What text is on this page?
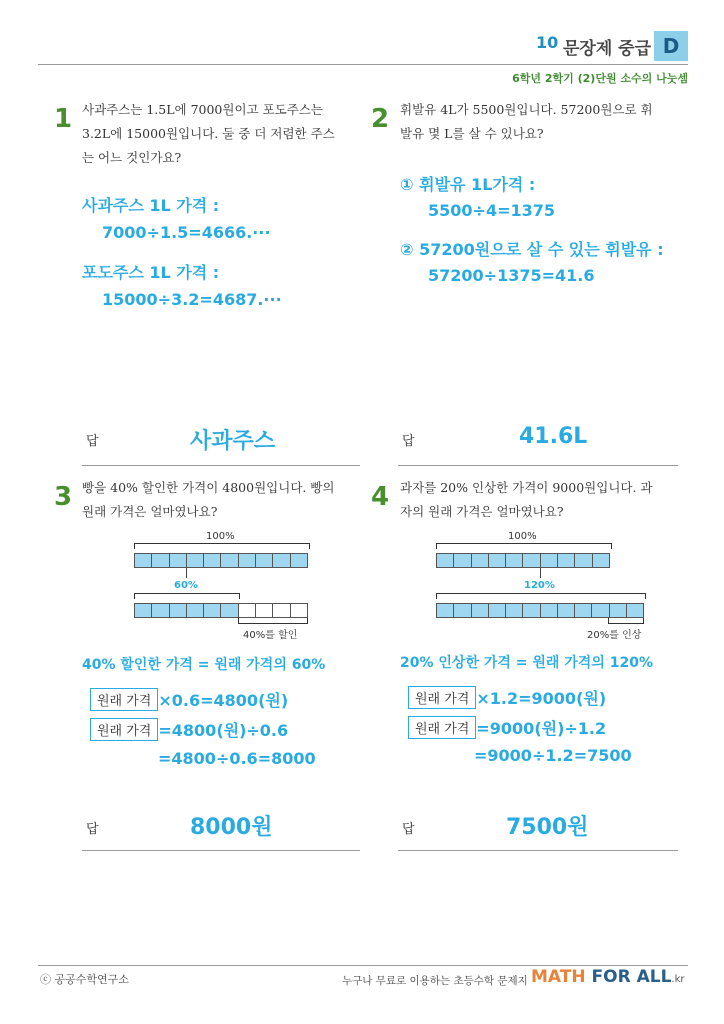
10 문장제 중급 D
6학년 2학기 (2)단원 소수의 나눗셈
1 사과주스는 1.5L에 7000원이고 포도주스는
3.2L에 15000원입니다. 둘 중 더 저렴한 주스
는 어느 것인가요?
사과주스 1L 가격 :
7000÷1.5=4666.···
포도주스 1L 가격 :
15000÷3.2=4687.···
답	사과주스
2 휘발유 4L가 5500원입니다. 57200원으로 휘
발유 몇 L를 살 수 있나요?
① 휘발유 1L가격 :
5500÷4=1375
② 57200원으로 살 수 있는 휘발유 :
57200÷1375=41.6
답	41.6L
3 빵을 40% 할인한 가격이 4800원입니다. 빵의
원래 가격은 얼마였나요?
100%
60%
40%를 할인
40% 할인한 가격 = 원래 가격의 60%
원래 가격 ×0.6=4800(원)
원래 가격 =4800(원)÷0.6
=4800÷0.6=8000
답	8000원
4 과자를 20% 인상한 가격이 9000원입니다. 과
자의 원래 가격은 얼마였나요?
100%
120%
20%를 인상
20% 인상한 가격 = 원래 가격의 120%
원래 가격 ×1.2=9000(원)
원래 가격 =9000(원)÷1.2
=9000÷1.2=7500
답	7500원
ⓒ 공공수학연구소	누구나 무료로 이용하는 초등수학 문제지 MATH FOR ALL.kr
